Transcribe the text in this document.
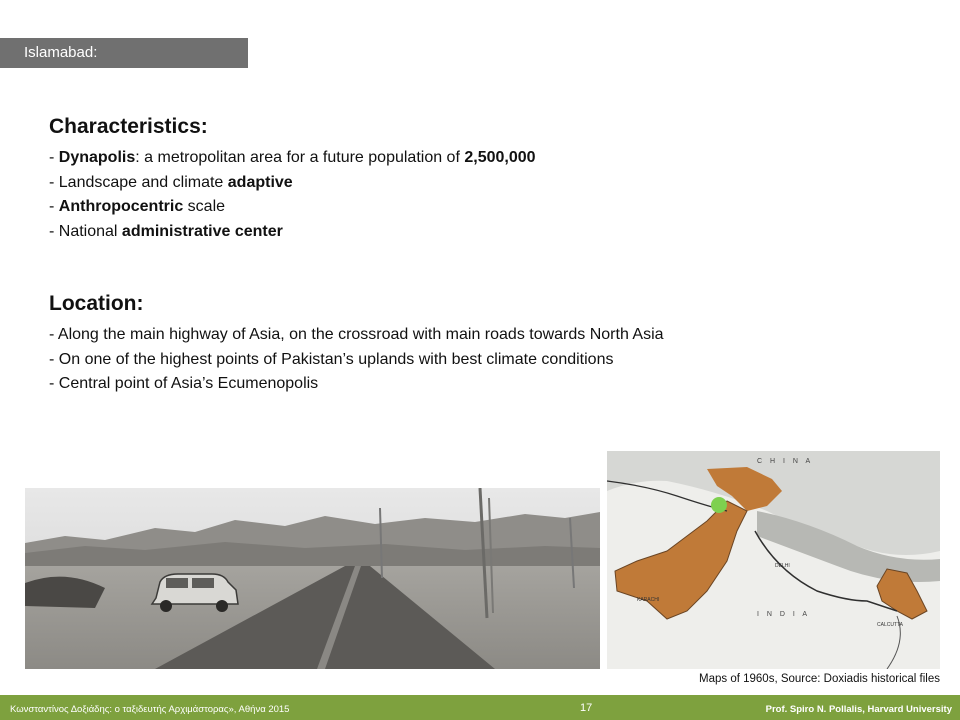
Islamabad:
Characteristics:
- Dynapolis: a metropolitan area for a future population of 2,500,000
- Landscape and climate adaptive
- Anthropocentric scale
- National administrative center
Location:
- Along the main highway of Asia, on the crossroad with main roads towards North Asia
- On one of the highest points of Pakistan’s uplands with best climate conditions
- Central point of Asia’s Ecumenopolis
C H I N A
I N D I A
KARACHI
CALCUTTA
DELHI
Maps of 1960s, Source: Doxiadis historical files
Κωνσταντίνος Δοξιάδης: ο ταξιδευτής Αρχιμάστορας», Αθήνα 2015	17	Prof. Spiro N. Pollalis, Harvard University
